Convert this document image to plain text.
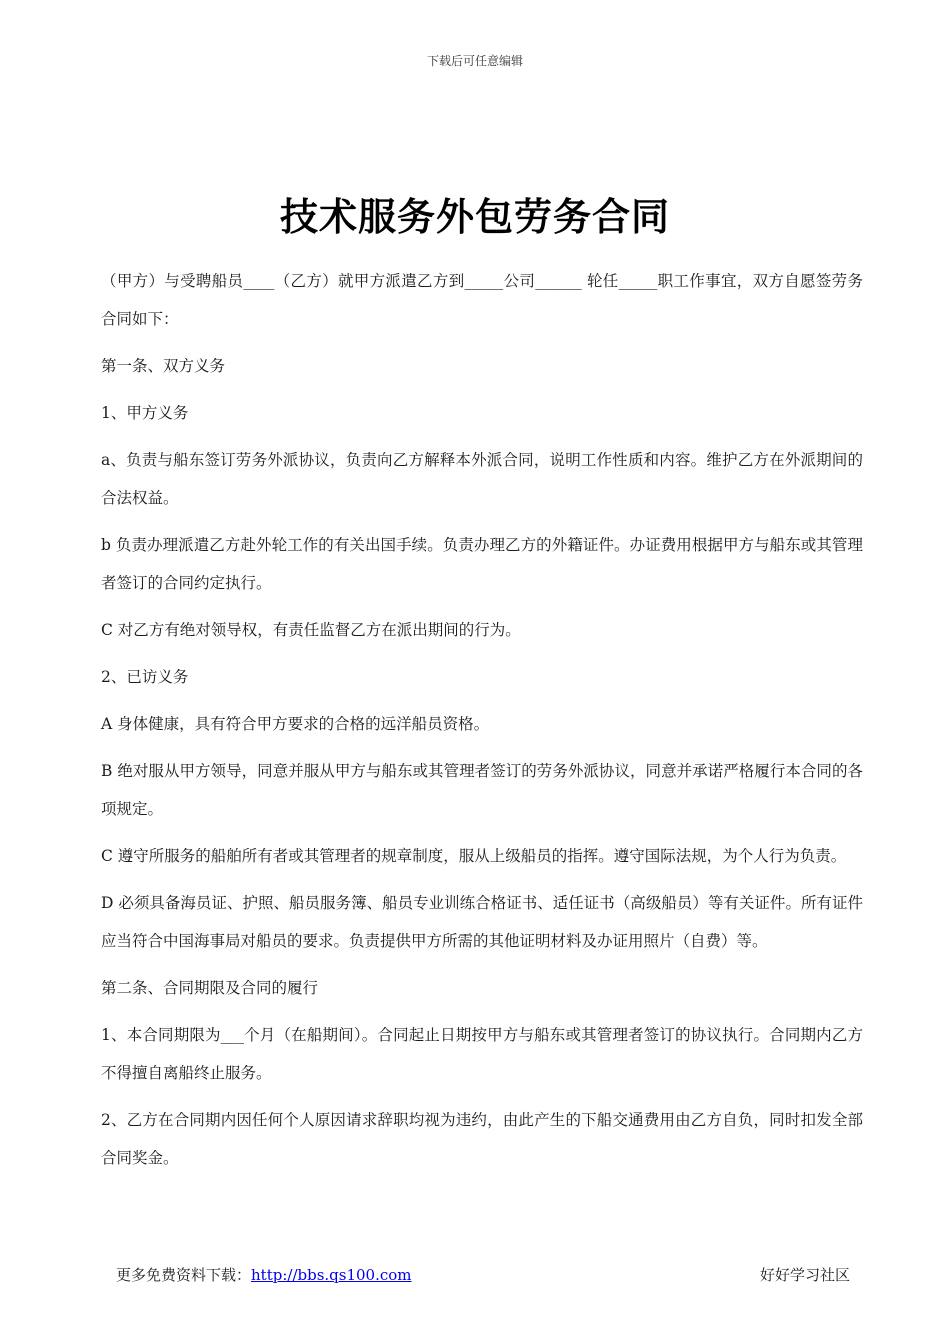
下载后可任意编辑
技术服务外包劳务合同

（甲方）与受聘船员____（乙方）就甲方派遣乙方到_____公司______ 轮任_____职工作事宜，双方自愿签劳务合同如下：

第一条、双方义务

1、甲方义务

a、负责与船东签订劳务外派协议，负责向乙方解释本外派合同，说明工作性质和内容。维护乙方在外派期间的合法权益。

b 负责办理派遣乙方赴外轮工作的有关出国手续。负责办理乙方的外籍证件。办证费用根据甲方与船东或其管理者签订的合同约定执行。

C 对乙方有绝对领导权，有责任监督乙方在派出期间的行为。

2、已访义务

A 身体健康，具有符合甲方要求的合格的远洋船员资格。

B 绝对服从甲方领导，同意并服从甲方与船东或其管理者签订的劳务外派协议，同意并承诺严格履行本合同的各项规定。

C 遵守所服务的船舶所有者或其管理者的规章制度，服从上级船员的指挥。遵守国际法规，为个人行为负责。

D 必须具备海员证、护照、船员服务簿、船员专业训练合格证书、适任证书（高级船员）等有关证件。所有证件应当符合中国海事局对船员的要求。负责提供甲方所需的其他证明材料及办证用照片（自费）等。

第二条、合同期限及合同的履行

1、本合同期限为___个月（在船期间）。合同起止日期按甲方与船东或其管理者签订的协议执行。合同期内乙方不得擅自离船终止服务。

2、乙方在合同期内因任何个人原因请求辞职均视为违约，由此产生的下船交通费用由乙方自负，同时扣发全部合同奖金。

更多免费资料下载：http://bbs.qs100.com	好好学习社区
